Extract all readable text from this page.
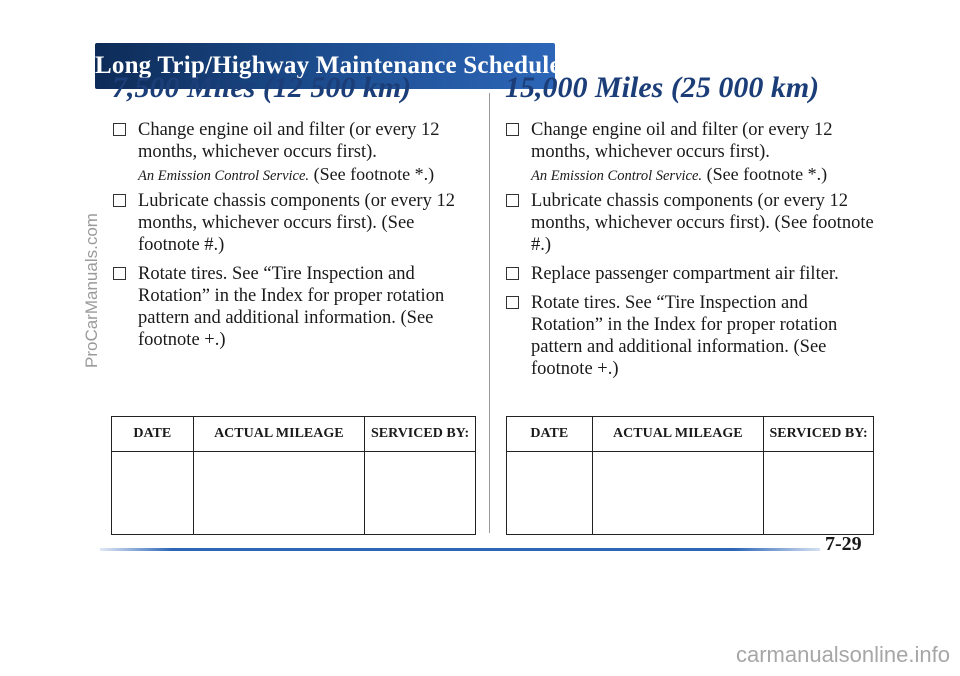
Long Trip/Highway Maintenance Schedule
7,500 Miles (12 500 km)
Change engine oil and filter (or every 12 months, whichever occurs first).
An Emission Control Service. (See footnote *.)
Lubricate chassis components (or every 12 months, whichever occurs first). (See footnote #.)
Rotate tires. See “Tire Inspection and Rotation” in the Index for proper rotation pattern and additional information. (See footnote +.)
15,000 Miles (25 000 km)
Change engine oil and filter (or every 12 months, whichever occurs first).
An Emission Control Service. (See footnote *.)
Lubricate chassis components (or every 12 months, whichever occurs first). (See footnote #.)
Replace passenger compartment air filter.
Rotate tires. See “Tire Inspection and Rotation” in the Index for proper rotation pattern and additional information. (See footnote +.)
DATE	ACTUAL MILEAGE	SERVICED BY:
			DATE	ACTUAL MILEAGE	SERVICED BY:

7-29
ProCarManuals.com
carmanualsonline.info
